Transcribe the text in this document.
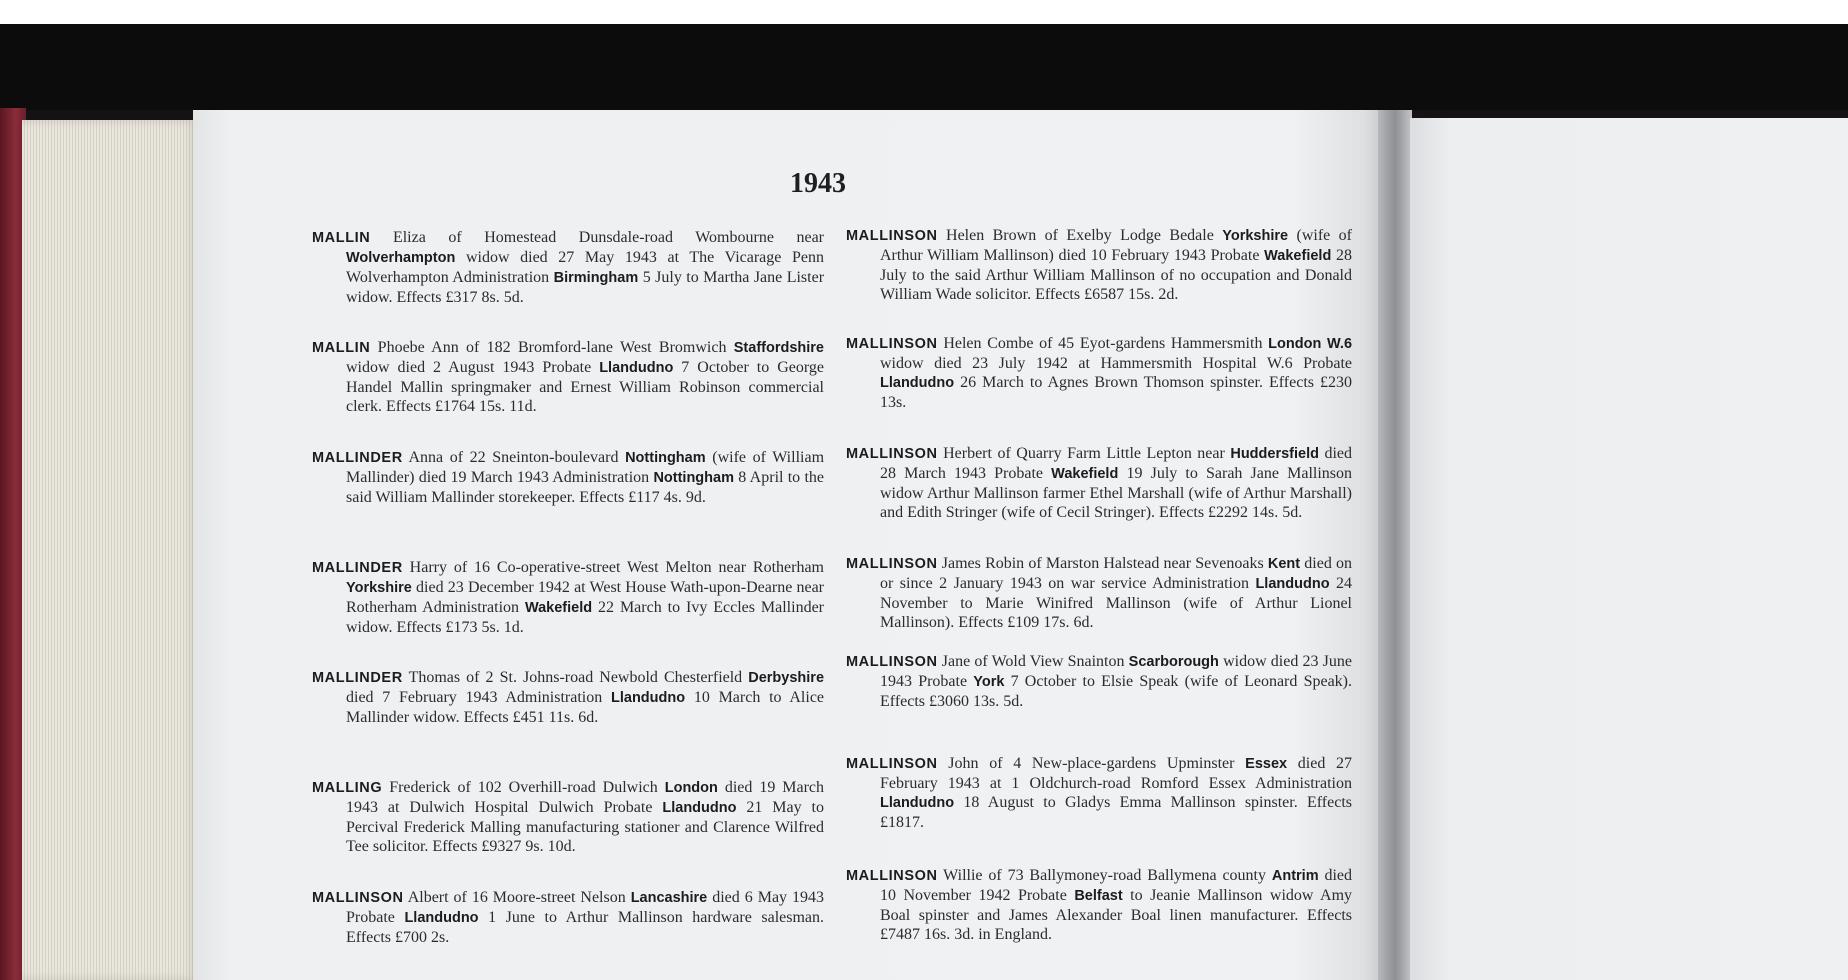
1943

MALLIN Eliza of Homestead Dunsdale-road Wombourne near Wolverhampton widow died 27 May 1943 at The Vicarage Penn Wolverhampton Administration Birmingham 5 July to Martha Jane Lister widow. Effects £317 8s. 5d.

MALLIN Phoebe Ann of 182 Bromford-lane West Bromwich Staffordshire widow died 2 August 1943 Probate Llandudno 7 October to George Handel Mallin springmaker and Ernest William Robinson commercial clerk. Effects £1764 15s. 11d.

MALLINDER Anna of 22 Sneinton-boulevard Nottingham (wife of William Mallinder) died 19 March 1943 Administration Nottingham 8 April to the said William Mallinder storekeeper. Effects £117 4s. 9d.

MALLINDER Harry of 16 Co-operative-street West Melton near Rotherham Yorkshire died 23 December 1942 at West House Wath-upon-Dearne near Rotherham Administration Wakefield 22 March to Ivy Eccles Mallinder widow. Effects £173 5s. 1d.

MALLINDER Thomas of 2 St. Johns-road Newbold Chesterfield Derbyshire died 7 February 1943 Administration Llandudno 10 March to Alice Mallinder widow. Effects £451 11s. 6d.

MALLING Frederick of 102 Overhill-road Dulwich London died 19 March 1943 at Dulwich Hospital Dulwich Probate Llandudno 21 May to Percival Frederick Malling manufacturing stationer and Clarence Wilfred Tee solicitor. Effects £9327 9s. 10d.

MALLINSON Albert of 16 Moore-street Nelson Lancashire died 6 May 1943 Probate Llandudno 1 June to Arthur Mallinson hardware salesman. Effects £700 2s.

MALLINSON Helen Brown of Exelby Lodge Bedale Yorkshire (wife of Arthur William Mallinson) died 10 February 1943 Probate Wakefield 28 July to the said Arthur William Mallinson of no occupation and Donald William Wade solicitor. Effects £6587 15s. 2d.

MALLINSON Helen Combe of 45 Eyot-gardens Hammersmith London W.6 widow died 23 July 1942 at Hammersmith Hospital W.6 Probate Llandudno 26 March to Agnes Brown Thomson spinster. Effects £230 13s.

MALLINSON Herbert of Quarry Farm Little Lepton near Huddersfield died 28 March 1943 Probate Wakefield 19 July to Sarah Jane Mallinson widow Arthur Mallinson farmer Ethel Marshall (wife of Arthur Marshall) and Edith Stringer (wife of Cecil Stringer). Effects £2292 14s. 5d.

MALLINSON James Robin of Marston Halstead near Sevenoaks Kent died on or since 2 January 1943 on war service Administration Llandudno 24 November to Marie Winifred Mallinson (wife of Arthur Lionel Mallinson). Effects £109 17s. 6d.

MALLINSON Jane of Wold View Snainton Scarborough widow died 23 June 1943 Probate York 7 October to Elsie Speak (wife of Leonard Speak). Effects £3060 13s. 5d.

MALLINSON John of 4 New-place-gardens Upminster Essex died 27 February 1943 at 1 Oldchurch-road Romford Essex Administration Llandudno 18 August to Gladys Emma Mallinson spinster. Effects £1817.

MALLINSON Willie of 73 Ballymoney-road Ballymena county Antrim died 10 November 1942 Probate Belfast to Jeanie Mallinson widow Amy Boal spinster and James Alexander Boal linen manufacturer. Effects £7487 16s. 3d. in England.
